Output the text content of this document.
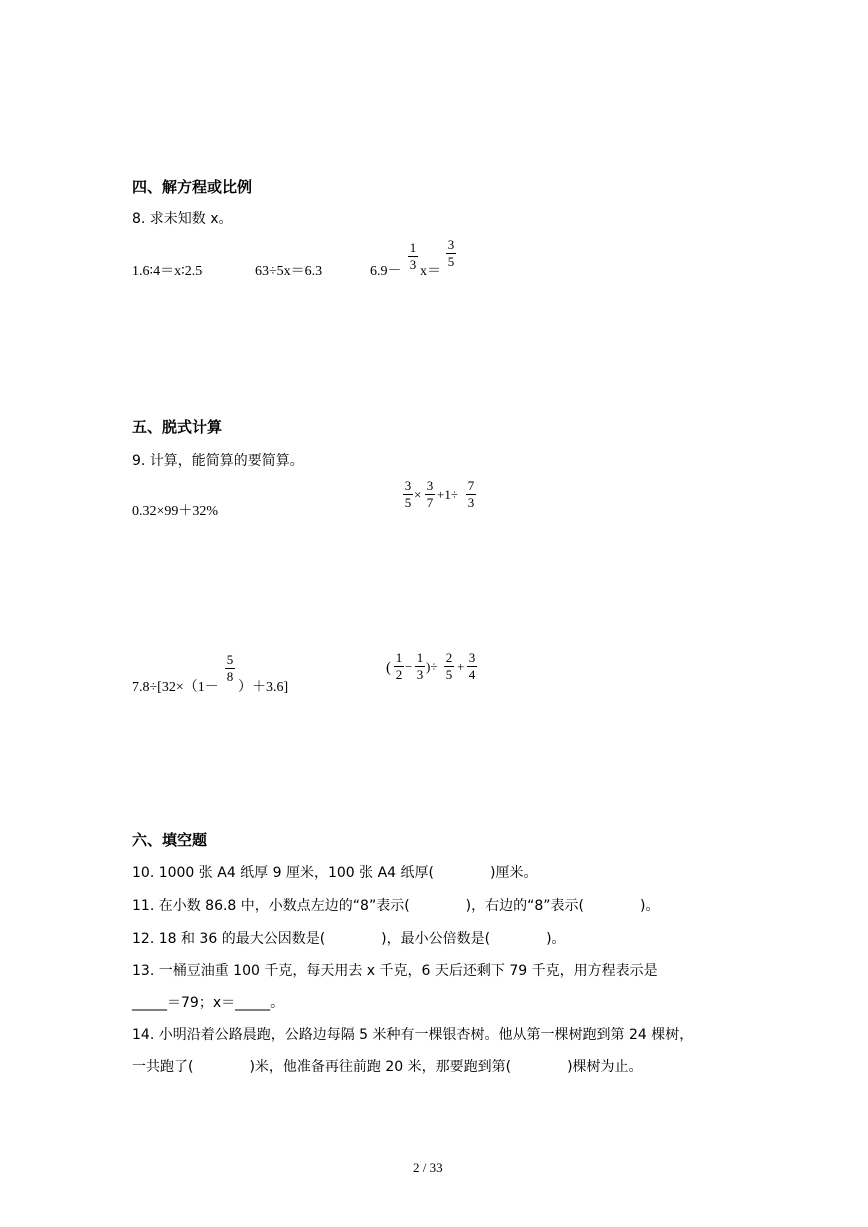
四、解方程或比例
8. 求未知数 x。
1.6∶4＝x∶2.5	63÷5x＝6.3	6.9－
1
3 x＝
3
5
五、脱式计算
9. 计算，能简算的要简算。
0.32×99＋32%
3
5
×
3
7
+1÷
7
3
7.8÷[32×（1－
5
8
）＋3.6]
(
1
2
−
1
3
)÷
2
5
+
3
4
六、填空题
10. 1000 张 A4 纸厚 9 厘米，100 张 A4 纸厚(　　　　)厘米。
11. 在小数 86.8 中，小数点左边的“8”表示(　　　　)，右边的“8”表示(　　　　)。
12. 18 和 36 的最大公因数是(　　　　)，最小公倍数是(　　　　)。
13. 一桶豆油重 100 千克，每天用去 x 千克，6 天后还剩下 79 千克，用方程表示是
_____＝79；x＝_____。
14. 小明沿着公路晨跑，公路边每隔 5 米种有一棵银杏树。他从第一棵树跑到第 24 棵树，
一共跑了(　　　　)米，他准备再往前跑 20 米，那要跑到第(　　　　)棵树为止。
2 / 33
